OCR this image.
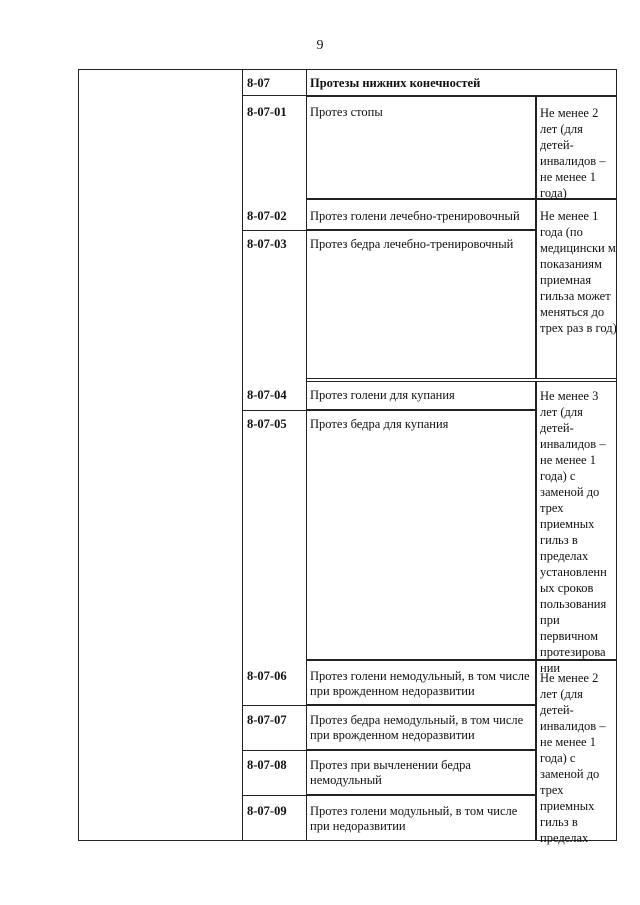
9
8-07	Протезы нижних конечностей
8-07-01 Протез стопы	Не менее 2 лет (для детей-инвалидов – не менее 1 года)
8-07-02 Протез голени лечебно-тренировочный
8-07-03 Протез бедра лечебно-тренировочный
Не менее 1 года (по медицински м показаниям приемная гильза может меняться до трех раз в год)
8-07-04 Протез голени для купания
8-07-05 Протез бедра для купания
Не менее 3 лет (для детей-инвалидов – не менее 1 года) с заменой до трех приемных гильз в пределах установленн ых сроков пользования при первичном протезирова нии
8-07-06 Протез голени немодульный, в том числе при врожденном недоразвитии
8-07-07 Протез бедра немодульный, в том числе при врожденном недоразвитии
8-07-08 Протез при вычленении бедра немодульный
8-07-09 Протез голени модульный, в том числе при недоразвитии
Не менее 2 лет (для детей-инвалидов – не менее 1 года) с заменой до трех приемных гильз в пределах
